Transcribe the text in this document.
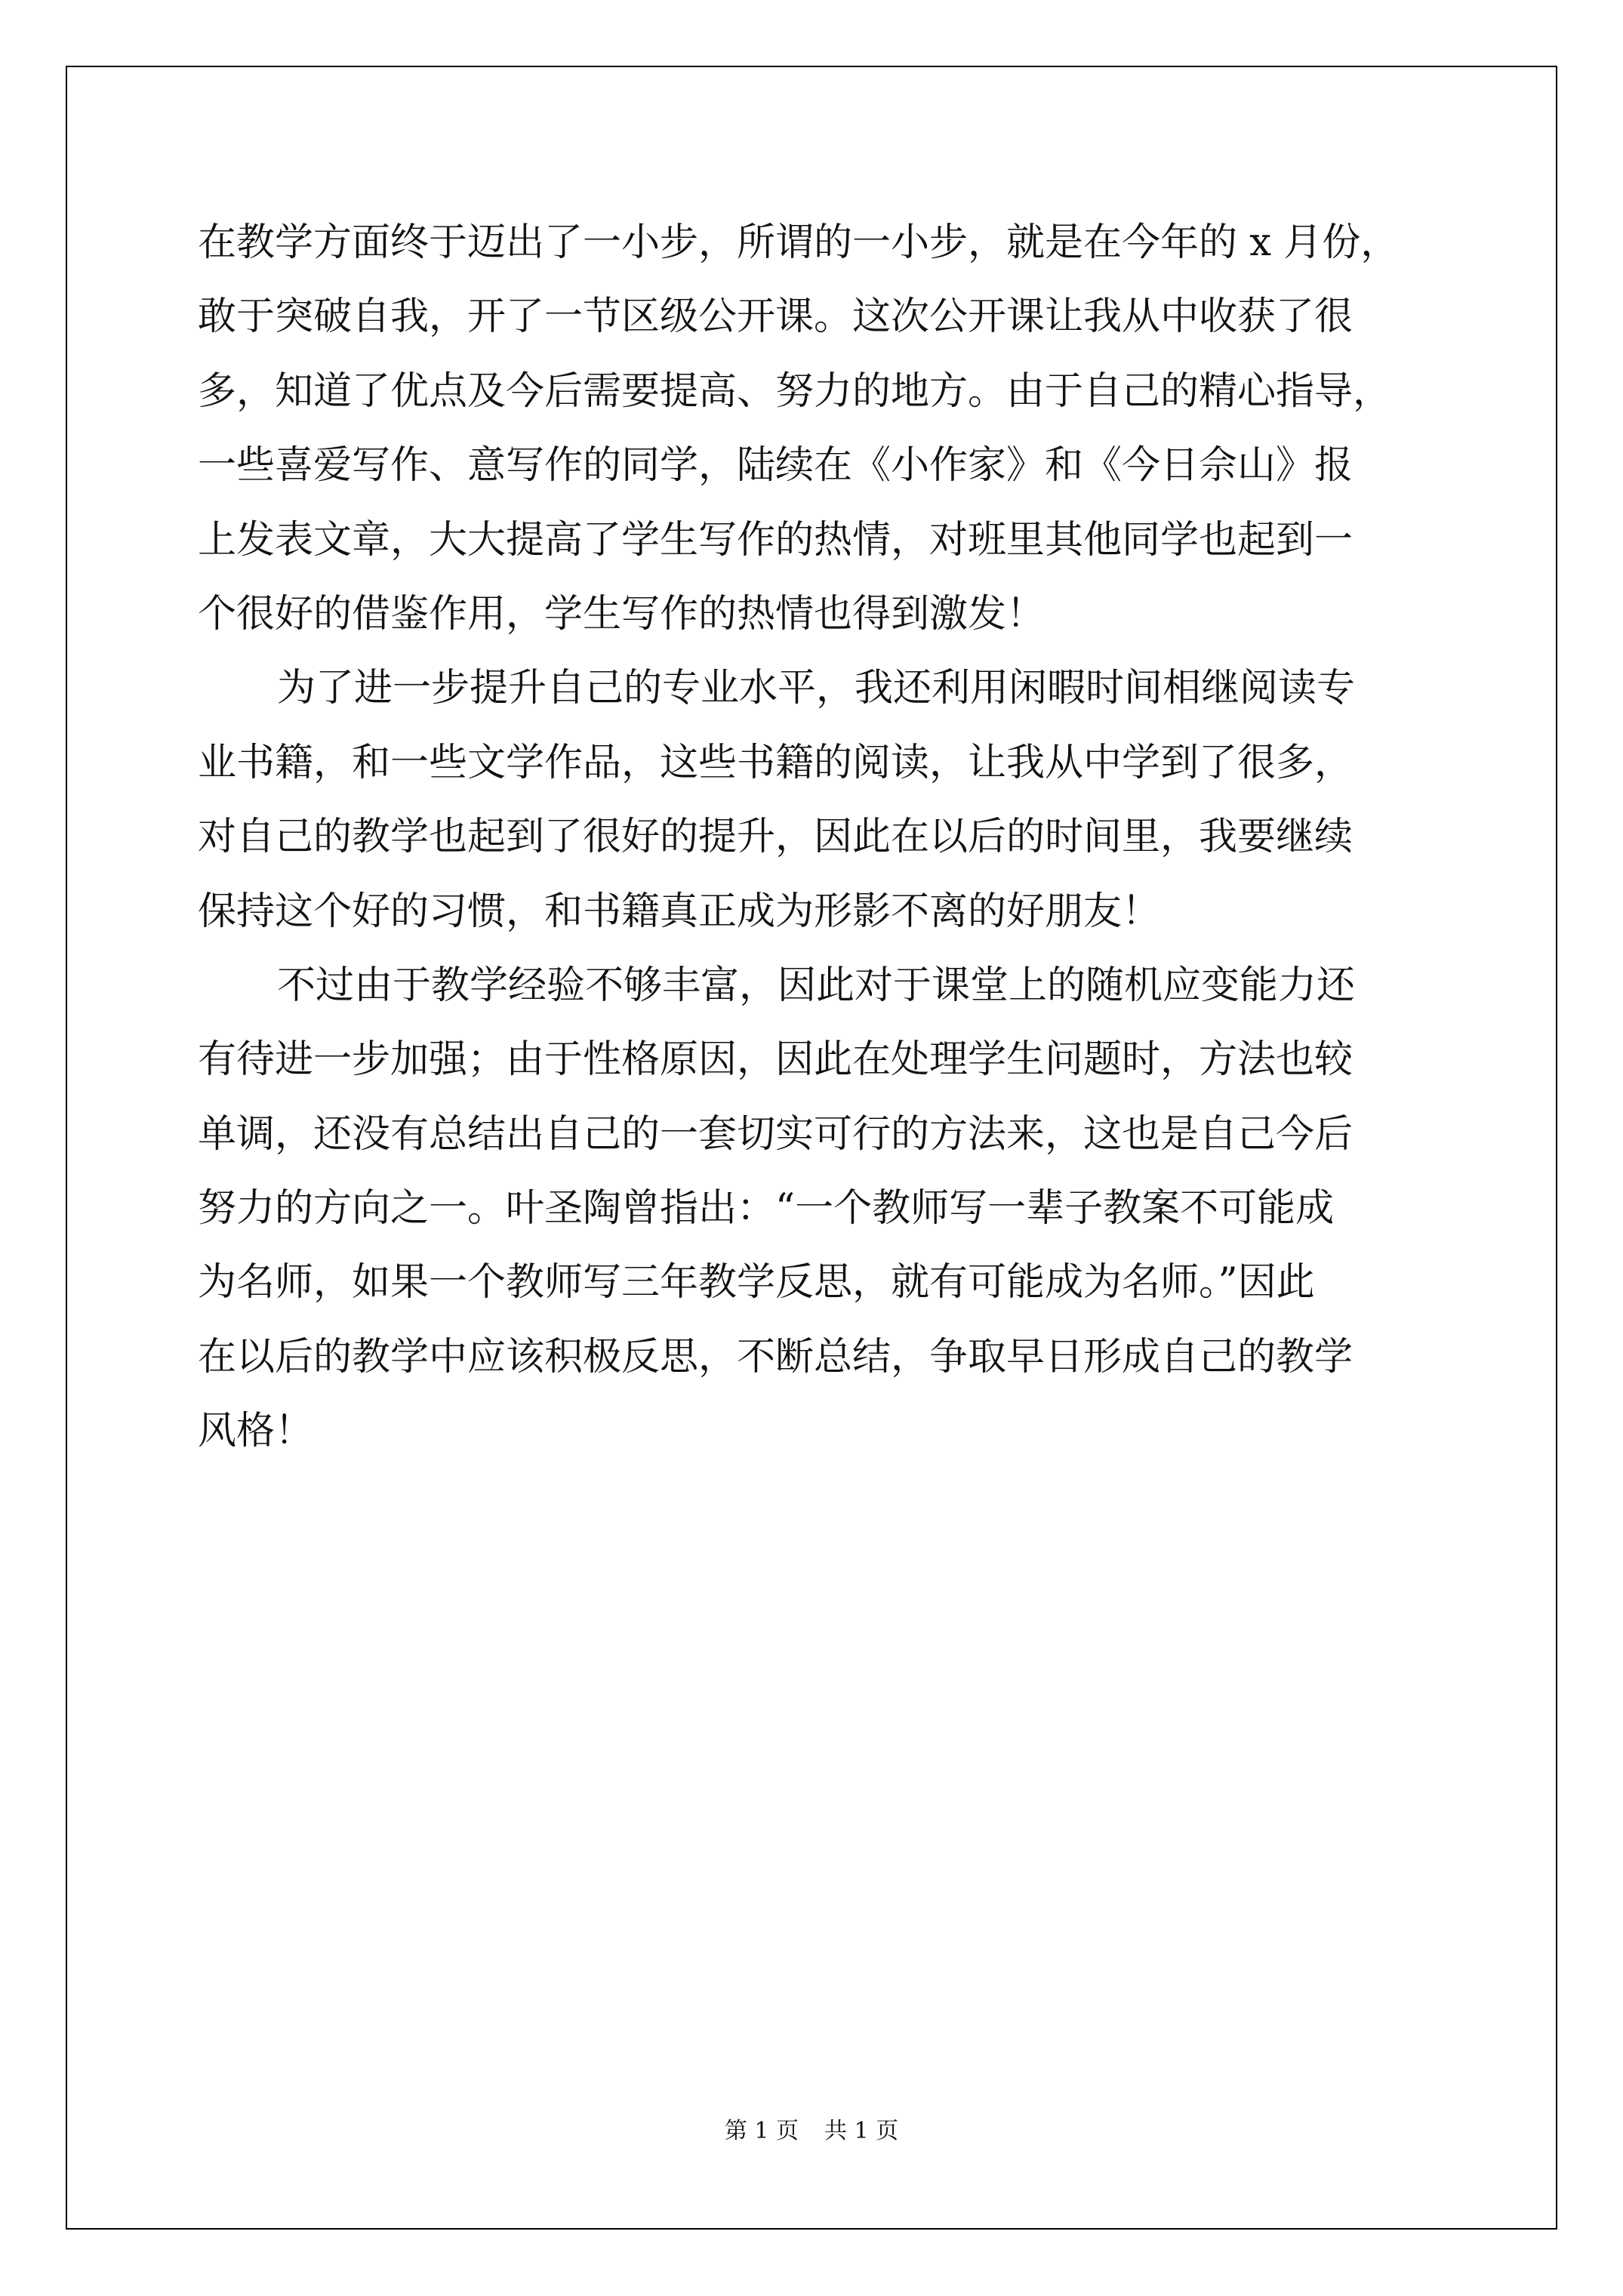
在教学方面终于迈出了一小步，所谓的一小步，就是在今年的 x 月份，
敢于突破自我，开了一节区级公开课。这次公开课让我从中收获了很
多，知道了优点及今后需要提高、努力的地方。由于自己的精心指导，
一些喜爱写作、意写作的同学，陆续在《小作家》和《今日佘山》报
上发表文章，大大提高了学生写作的热情，对班里其他同学也起到一
个很好的借鉴作用，学生写作的热情也得到激发！
为了进一步提升自己的专业水平，我还利用闲暇时间相继阅读专
业书籍，和一些文学作品，这些书籍的阅读，让我从中学到了很多，
对自己的教学也起到了很好的提升，因此在以后的时间里，我要继续
保持这个好的习惯，和书籍真正成为形影不离的好朋友！
不过由于教学经验不够丰富，因此对于课堂上的随机应变能力还
有待进一步加强；由于性格原因，因此在处理学生问题时，方法也较
单调，还没有总结出自己的一套切实可行的方法来，这也是自己今后
努力的方向之一。叶圣陶曾指出：“一个教师写一辈子教案不可能成
为名师，如果一个教师写三年教学反思，就有可能成为名师。”因此
在以后的教学中应该积极反思，不断总结，争取早日形成自己的教学
风格！
第 1 页 共 1 页
